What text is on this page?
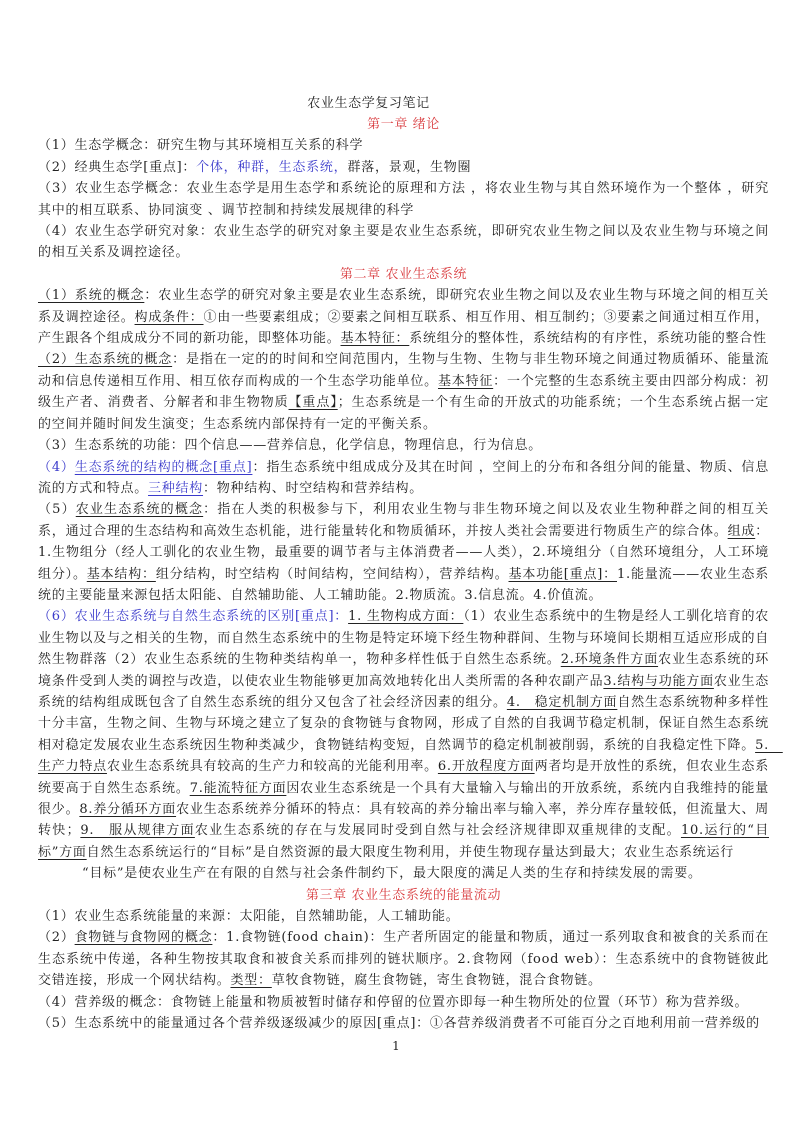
农业生态学复习笔记
第一章 绪论

（1）生态学概念：研究生物与其环境相互关系的科学

（2）经典生态学[重点]：个体，种群，生态系统，群落，景观，生物圈

（3）农业生态学概念：农业生态学是用生态学和系统论的原理和方法 ，将农业生物与其自然环境作为一个整体 ，研究其中的相互联系、协同演变 、调节控制和持续发展规律的科学

（4）农业生态学研究对象：农业生态学的研究对象主要是农业生态系统，即研究农业生物之间以及农业生物与环境之间的相互关系及调控途径。

第二章 农业生态系统

（1）系统的概念：农业生态学的研究对象主要是农业生态系统，即研究农业生物之间以及农业生物与环境之间的相互关系及调控途径。构成条件：①由一些要素组成；②要素之间相互联系、相互作用、相互制约；③要素之间通过相互作用，产生跟各个组成成分不同的新功能，即整体功能。基本特征：系统组分的整体性，系统结构的有序性，系统功能的整合性

（2）生态系统的概念：是指在一定的的时间和空间范围内，生物与生物、生物与非生物环境之间通过物质循环、能量流动和信息传递相互作用、相互依存而构成的一个生态学功能单位。基本特征：一个完整的生态系统主要由四部分构成：初级生产者、消费者、分解者和非生物物质【重点】；生态系统是一个有生命的开放式的功能系统；一个生态系统占据一定的空间并随时间发生演变；生态系统内部保持有一定的平衡关系。

（3）生态系统的功能：四个信息——营养信息，化学信息，物理信息，行为信息。

（4）生态系统的结构的概念[重点]：指生态系统中组成成分及其在时间 ，空间上的分布和各组分间的能量、物质、信息流的方式和特点。三种结构：物种结构、时空结构和营养结构。

（5）农业生态系统的概念：指在人类的积极参与下，利用农业生物与非生物环境之间以及农业生物种群之间的相互关系，通过合理的生态结构和高效生态机能，进行能量转化和物质循环，并按人类社会需要进行物质生产的综合体。组成：1.生物组分（经人工驯化的农业生物，最重要的调节者与主体消费者——人类），2.环境组分（自然环境组分，人工环境组分）。基本结构：组分结构，时空结构（时间结构，空间结构），营养结构。基本功能[重点]：1.能量流——农业生态系统的主要能量来源包括太阳能、自然辅助能、人工辅助能。2.物质流。3.信息流。4.价值流。

（6）农业生态系统与自然生态系统的区别[重点]：1. 生物构成方面：（1）农业生态系统中的生物是经人工驯化培育的农业生物以及与之相关的生物，而自然生态系统中的生物是特定环境下经生物种群间、生物与环境间长期相互适应形成的自然生物群落（2）农业生态系统的生物种类结构单一，物种多样性低于自然生态系统。2.环境条件方面农业生态系统的环境条件受到人类的调控与改造，以使农业生物能够更加高效地转化出人类所需的各种农副产品3.结构与功能方面农业生态系统的结构组成既包含了自然生态系统的组分又包含了社会经济因素的组分。4.　稳定机制方面自然生态系统物种多样性十分丰富，生物之间、生物与环境之建立了复杂的食物链与食物网，形成了自然的自我调节稳定机制，保证自然生态系统相对稳定发展农业生态系统因生物种类减少，食物链结构变短，自然调节的稳定机制被削弱，系统的自我稳定性下降。5.　生产力特点农业生态系统具有较高的生产力和较高的光能利用率。6.开放程度方面两者均是开放性的系统，但农业生态系统要高于自然生态系统。7.能流特征方面因农业生态系统是一个具有大量输入与输出的开放系统，系统内自我维持的能量很少。8.养分循环方面农业生态系统养分循环的特点：具有较高的养分输出率与输入率，养分库存量较低，但流量大、周转快；9.　服从规律方面农业生态系统的存在与发展同时受到自然与社会经济规律即双重规律的支配。10.运行的“目标”方面自然生态系统运行的“目标”是自然资源的最大限度生物利用，并使生物现存量达到最大；农业生态系统运行

“目标”是使农业生产在有限的自然与社会条件制约下，最大限度的满足人类的生存和持续发展的需要。

第三章 农业生态系统的能量流动

（1）农业生态系统能量的来源：太阳能，自然辅助能，人工辅助能。

（2）食物链与食物网的概念：1.食物链(food chain)：生产者所固定的能量和物质，通过一系列取食和被食的关系而在生态系统中传递，各种生物按其取食和被食关系而排列的链状顺序。2.食物网（food web）：生态系统中的食物链彼此交错连接，形成一个网状结构。类型：草牧食物链，腐生食物链，寄生食物链，混合食物链。

（4）营养级的概念：食物链上能量和物质被暂时储存和停留的位置亦即每一种生物所处的位置（环节）称为营养级。

（5）生态系统中的能量通过各个营养级逐级减少的原因[重点]：①各营养级消费者不可能百分之百地利用前一营养级的

1
